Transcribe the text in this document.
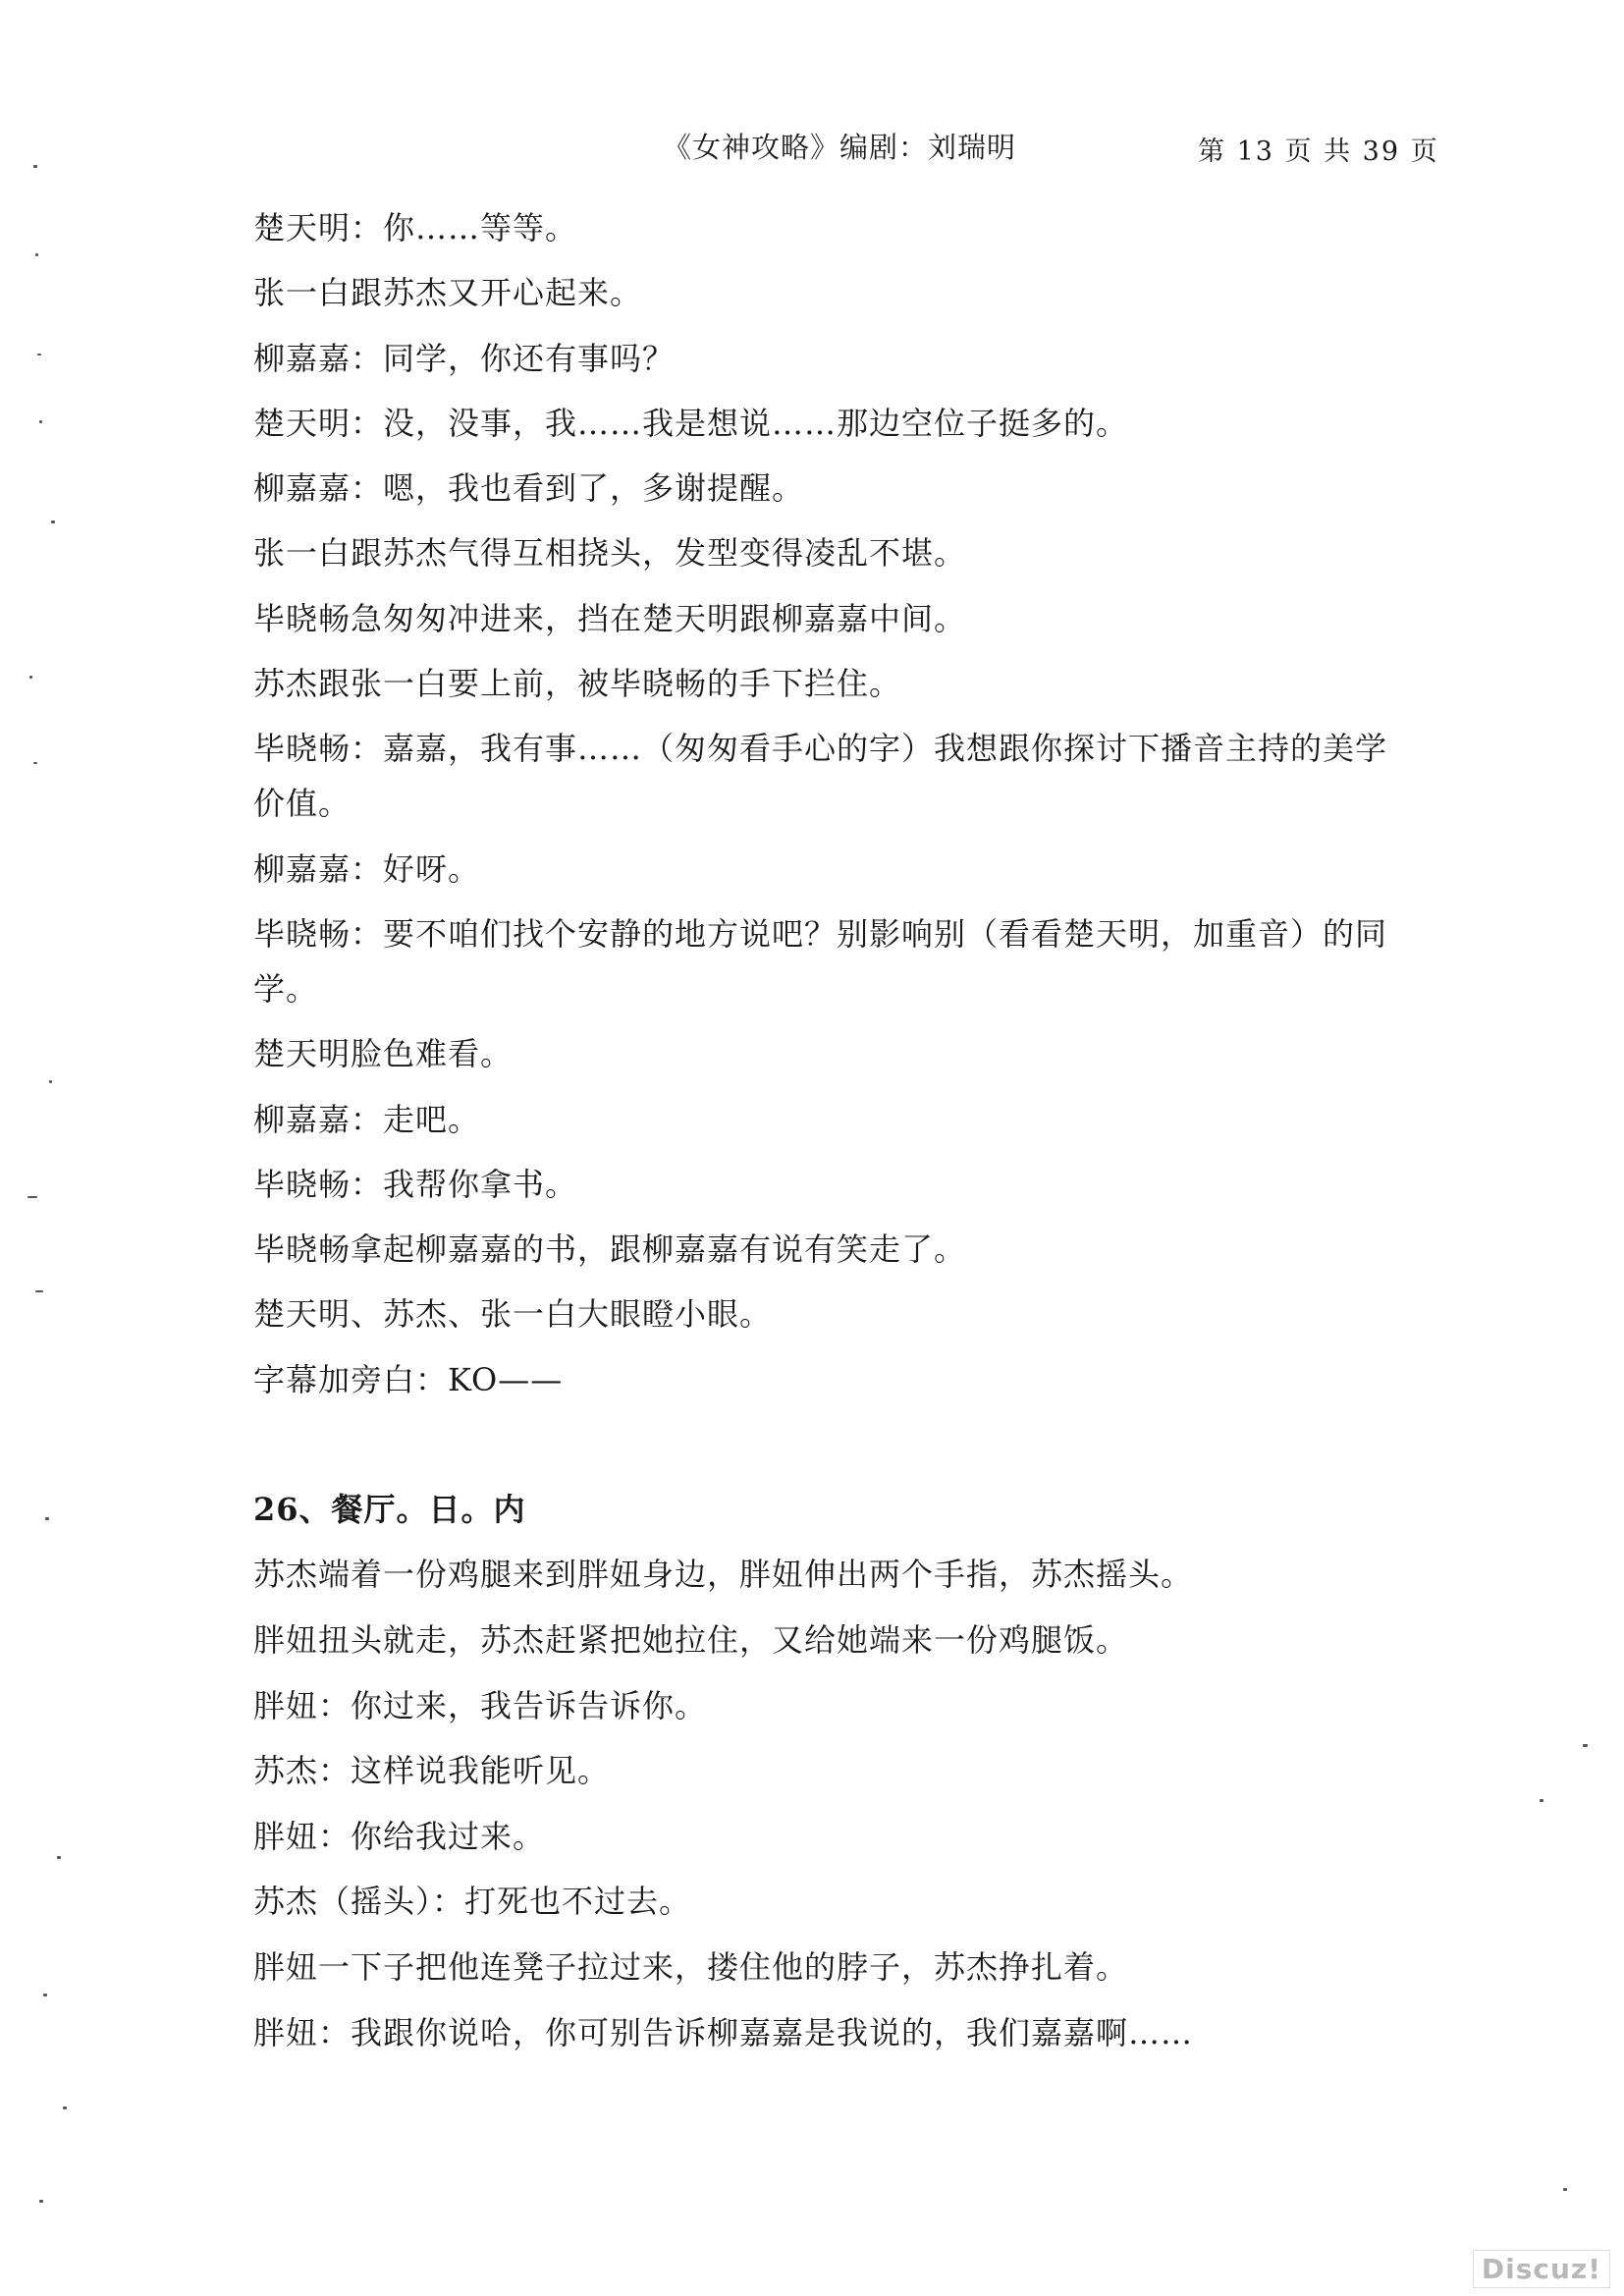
《女神攻略》编剧：刘瑞明	第 13 页 共 39 页
楚天明：你……等等。
张一白跟苏杰又开心起来。
柳嘉嘉：同学，你还有事吗？
楚天明：没，没事，我……我是想说……那边空位子挺多的。
柳嘉嘉：嗯，我也看到了，多谢提醒。
张一白跟苏杰气得互相挠头，发型变得凌乱不堪。
毕晓畅急匆匆冲进来，挡在楚天明跟柳嘉嘉中间。
苏杰跟张一白要上前，被毕晓畅的手下拦住。
毕晓畅：嘉嘉，我有事……（匆匆看手心的字）我想跟你探讨下播音主持的美学
价值。
柳嘉嘉：好呀。
毕晓畅：要不咱们找个安静的地方说吧？别影响别（看看楚天明，加重音）的同
学。
楚天明脸色难看。
柳嘉嘉：走吧。
毕晓畅：我帮你拿书。
毕晓畅拿起柳嘉嘉的书，跟柳嘉嘉有说有笑走了。
楚天明、苏杰、张一白大眼瞪小眼。
字幕加旁白：KO——
26、餐厅。日。内
苏杰端着一份鸡腿来到胖妞身边，胖妞伸出两个手指，苏杰摇头。
胖妞扭头就走，苏杰赶紧把她拉住，又给她端来一份鸡腿饭。
胖妞：你过来，我告诉告诉你。
苏杰：这样说我能听见。
胖妞：你给我过来。
苏杰（摇头）：打死也不过去。
胖妞一下子把他连凳子拉过来，搂住他的脖子，苏杰挣扎着。
胖妞：我跟你说哈，你可别告诉柳嘉嘉是我说的，我们嘉嘉啊……
Discuz!
